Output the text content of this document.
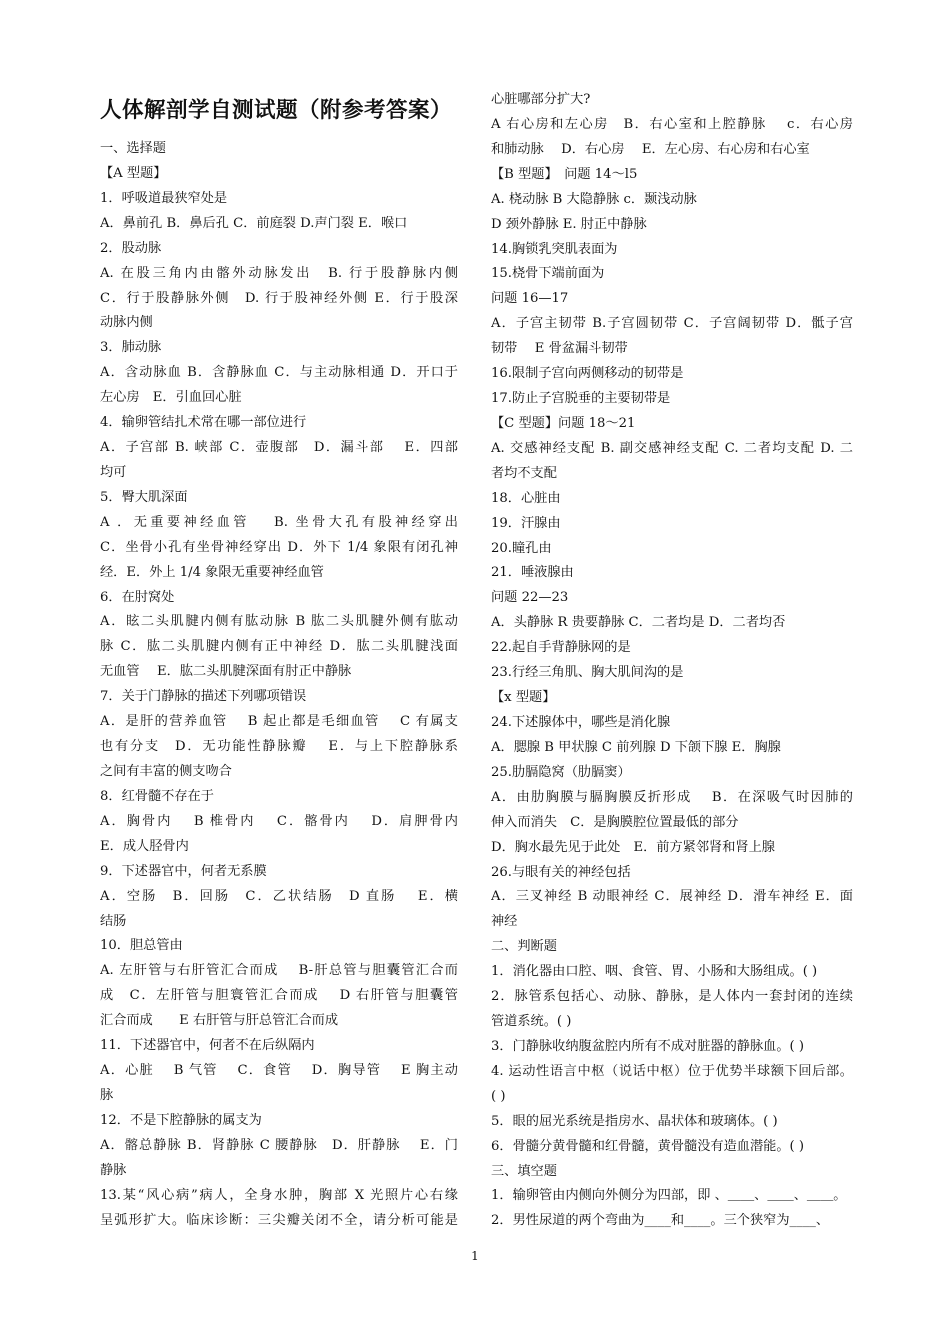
人体解剖学自测试题（附参考答案）
一、选择题
【A 型题】
1．呼吸道最狭窄处是
A．鼻前孔 B．鼻后孔 C．前庭裂 D.声门裂 E．喉口
2．股动脉
A. 在股三角内由髂外动脉发出　B. 行于股静脉内侧
C．行于股静脉外侧　D. 行于股神经外侧 E．行于股深
动脉内侧
3．肺动脉
A．含动脉血 B．含静脉血 C．与主动脉相通 D．开口于
左心房　E．引血回心脏
4．输卵管结扎术常在哪一部位进行
A．子宫部 B. 峡部 C．壶腹部　D．漏斗部　 E．四部
均可
5．臀大肌深面
A ．无重要神经血管　 B. 坐骨大孔有股神经穿出
C．坐骨小孔有坐骨神经穿出 D．外下 1/4 象限有闭孔神
经．E．外上 1/4 象限无重要神经血管
6．在肘窝处
A．眩二头肌腱内侧有肱动脉 B 肱二头肌腱外侧有肱动
脉 C．肱二头肌腱内侧有正中神经 D．肱二头肌腱浅面
无血管　 E．肱二头肌腱深面有肘正中静脉
7．关于门静脉的描述下列哪项错误
A．是肝的营养血管　 B 起止都是毛细血管　 C 有属支
也有分支　D．无功能性静脉瓣　 E．与上下腔静脉系
之间有丰富的侧支吻合
8．红骨髓不存在于
A．胸骨内　 B 椎骨内　 C．髂骨内　 D．肩胛骨内
E．成人胫骨内
9．下述器官中，何者无系膜
A．空肠　B．回肠　C．乙状结肠　D 直肠　 E．横
结肠
10．胆总管由
A. 左肝管与右肝管汇合而成　 B-肝总管与胆囊管汇合而
成　C．左肝管与胆寰管汇合而成　 D 右肝管与胆囊管
汇合而成　　E 右肝管与肝总管汇合而成
11．下述器官中，何者不在后纵隔内
A．心脏　 B 气管　 C．食管　 D．胸导管　 E 胸主动
脉
12．不是下腔静脉的属支为
A．髂总静脉 B．肾静脉 C 腰静脉　D．肝静脉　 E．门
静脉
13.某“风心病”病人，全身水肿，胸部 X 光照片心右缘
呈弧形扩大。临床诊断：三尖瓣关闭不全，请分析可能是
心脏哪部分扩大?
A 右心房和左心房　B．右心室和上腔静脉　 c．右心房
和肺动脉　 D．右心房　 E．左心房、右心房和右心室
【B 型题】　问题 14～l5
A. 桡动脉 B 大隐静脉 c．颞浅动脉
D 颈外静脉 E. 肘正中静脉
14.胸锁乳突肌表面为
15.桡骨下端前面为
问题 16—17
A．子宫主韧带 B.子宫圆韧带 C．子宫阔韧带 D．骶子宫
韧带　 E 骨盆漏斗韧带
16.限制子宫向两侧移动的韧带是
17.防止子宫脱垂的主要韧带是
【C 型题】问题 18～21
A. 交感神经支配 B. 副交感神经支配 C. 二者均支配 D. 二
者均不支配
18．心脏由
19．汗腺由
20.瞳孔由
21．唾液腺由
问题 22—23
A．头静脉 R 贵要静脉 C．二者均是 D．二者均否
22.起自手背静脉网的是
23.行经三角肌、胸大肌间沟的是
【x 型题】
24.下述腺体中，哪些是消化腺
A．腮腺 B 甲状腺 C 前列腺 D 下颌下腺 E．胸腺
25.肋膈隐窝（肋膈窦）
A．由肋胸膜与膈胸膜反折形成　 B．在深吸气时因肺的
伸入而消失　C．是胸膜腔位置最低的部分
D．胸水最先见于此处　E．前方紧邻肾和肾上腺
26.与眼有关的神经包括
A．三叉神经 B 动眼神经 C．展神经 D．滑车神经 E．面
神经
二、判断题
1．消化器由口腔、咽、食管、胃、小肠和大肠组成。( )
2．脉管系包括心、动脉、静脉，是人体内一套封闭的连续
管道系统。( )
3．门静脉收纳腹盆腔内所有不成对脏器的静脉血。( )
4. 运动性语言中枢（说话中枢）位于优势半球额下回后部。
( )
5．眼的屈光系统是指房水、晶状体和玻璃体。( )
6．骨髓分黄骨髓和红骨髓，黄骨髓没有造血潜能。( )
三、填空题
1．输卵管由内侧向外侧分为四部，即 、＿＿、＿＿、＿＿。
2．男性尿道的两个弯曲为____和____。三个狭窄为____、
1
